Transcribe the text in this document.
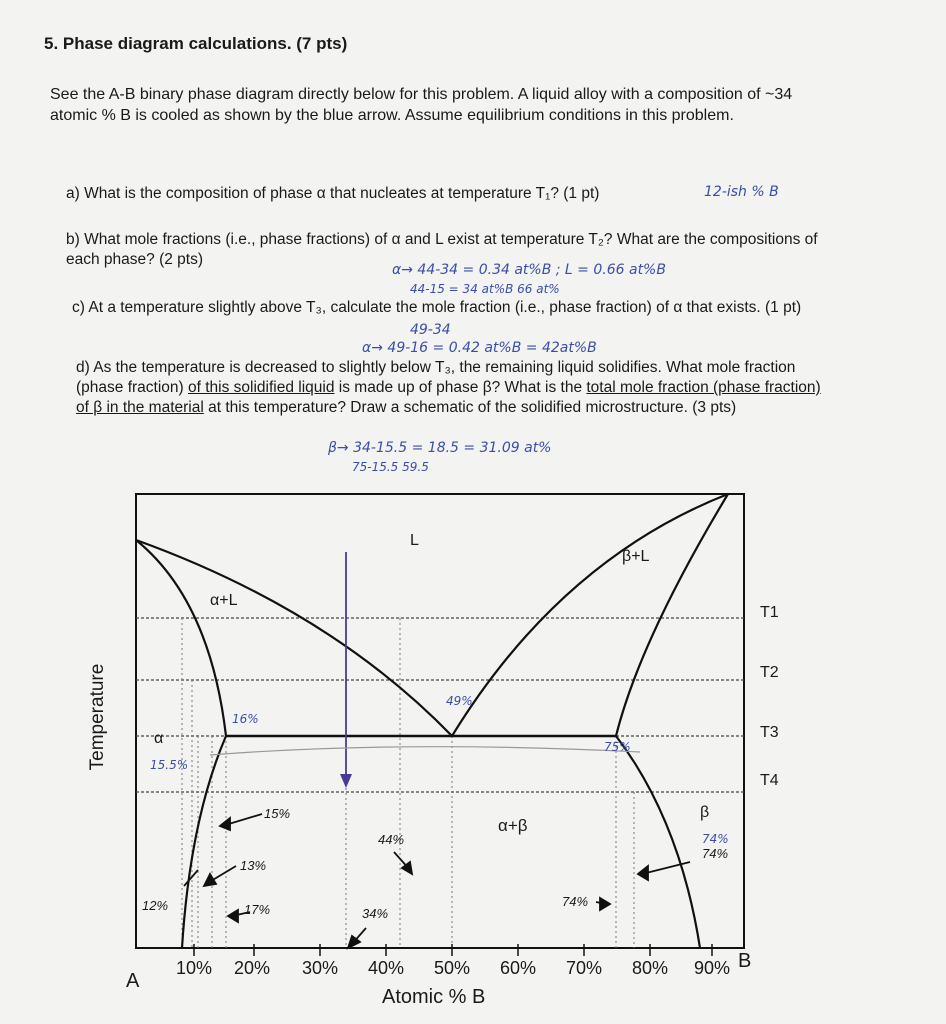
5. Phase diagram calculations. (7 pts)
See the A-B binary phase diagram directly below for this problem. A liquid alloy with a composition of ~34 atomic % B is cooled as shown by the blue arrow. Assume equilibrium conditions in this problem.
a) What is the composition of phase α that nucleates at temperature T₁? (1 pt)	12-ish % B
b) What mole fractions (i.e., phase fractions) of α and L exist at temperature T₂? What are the compositions of each phase? (2 pts)
α→ 44-34 = 0.34 at%B ; L = 0.66 at%B
44-15 = 34 at%B 66 at%
c) At a temperature slightly above T₃, calculate the mole fraction (i.e., phase fraction) of α that exists. (1 pt)
49-34
α→ 49-16 = 0.42 at%B = 42at%B
d) As the temperature is decreased to slightly below T₃, the remaining liquid solidifies. What mole fraction (phase fraction) of this solidified liquid is made up of phase β? What is the total mole fraction (phase fraction) of β in the material at this temperature? Draw a schematic of the solidified microstructure. (3 pts)
β→ 34-15.5 = 18.5 = 31.09 at%
75-15.5 59.5
Temperature
A
B
10% 20% 30% 40% 50% 60% 70% 80% 90%
Atomic % B
T1
T2
T3
T4
L
α+L
β+L
α
β
α+β
15%
13%
12%	17%
44%
34%
74%
74%
16%
15.5%
49%
75%
74%
